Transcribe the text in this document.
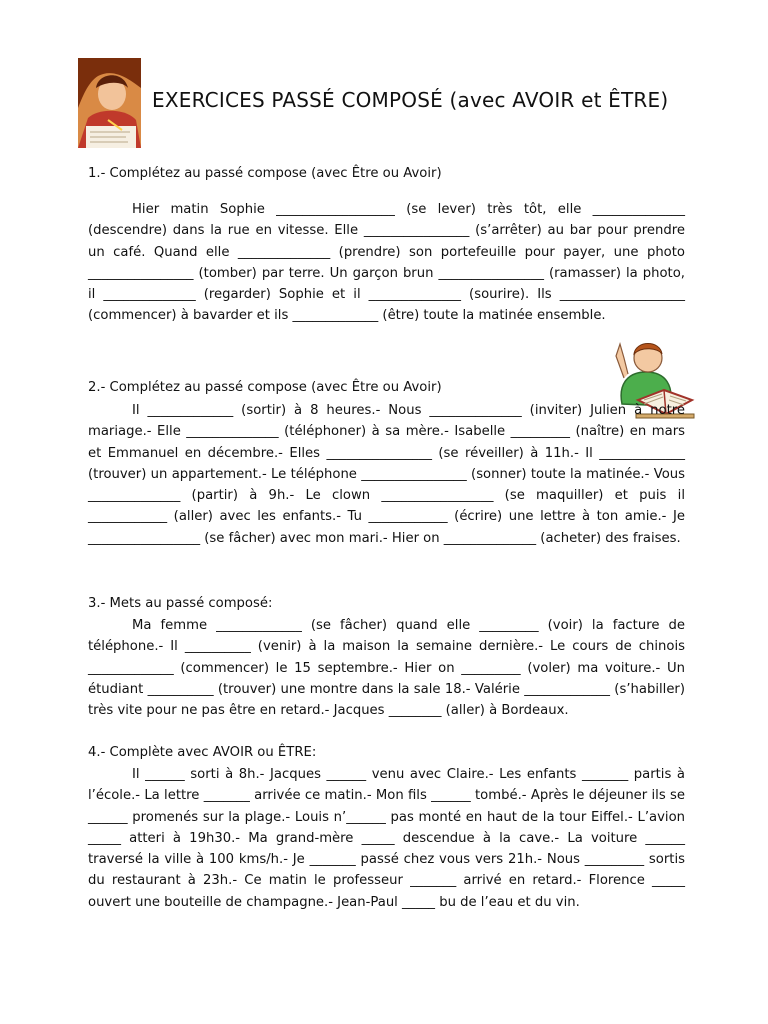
EXERCICES PASSÉ COMPOSÉ (avec AVOIR et ÊTRE)
1.- Complétez au passé compose (avec Être ou Avoir)

Hier matin Sophie __________________ (se lever) très tôt, elle ______________ (descendre) dans la rue en vitesse. Elle ________________ (s’arrêter) au bar pour prendre un café. Quand elle ______________ (prendre) son portefeuille pour payer, une photo ________________ (tomber) par terre. Un garçon brun ________________ (ramasser) la photo, il ______________ (regarder) Sophie et il ______________ (sourire). Ils ___________________ (commencer) à bavarder et ils _____________ (être) toute la matinée ensemble.

2.- Complétez au passé compose (avec Être ou Avoir)

Il _____________ (sortir) à 8 heures.- Nous ______________ (inviter) Julien à notre mariage.- Elle ______________ (téléphoner) à sa mère.- Isabelle _________ (naître) en mars et Emmanuel en décembre.- Elles ________________ (se réveiller) à 11h.- Il _____________ (trouver) un appartement.- Le téléphone ________________ (sonner) toute la matinée.- Vous ______________ (partir) à 9h.- Le clown _________________ (se maquiller) et puis il ____________ (aller) avec les enfants.- Tu ____________ (écrire) une lettre à ton amie.- Je _________________ (se fâcher) avec mon mari.- Hier on ______________ (acheter) des fraises.

3.- Mets au passé composé:

Ma femme _____________ (se fâcher) quand elle _________ (voir) la facture de téléphone.- Il __________ (venir) à la maison la semaine dernière.- Le cours de chinois _____________ (commencer) le 15 septembre.- Hier on _________ (voler) ma voiture.- Un étudiant __________ (trouver) une montre dans la sale 18.- Valérie _____________ (s’habiller) très vite pour ne pas être en retard.- Jacques ________ (aller) à Bordeaux.

4.- Complète avec AVOIR ou ÊTRE:

Il ______ sorti à 8h.- Jacques ______ venu avec Claire.- Les enfants _______ partis à l’école.- La lettre _______ arrivée ce matin.- Mon fils ______ tombé.- Après le déjeuner ils se ______ promenés sur la plage.- Louis n’______ pas monté en haut de la tour Eiffel.- L’avion _____ atteri à 19h30.- Ma grand-mère _____ descendue à la cave.- La voiture ______ traversé la ville à 100 kms/h.- Je _______ passé chez vous vers 21h.- Nous _________ sortis du restaurant à 23h.- Ce matin le professeur _______ arrivé en retard.- Florence _____ ouvert une bouteille de champagne.- Jean-Paul _____ bu de l’eau et du vin.
